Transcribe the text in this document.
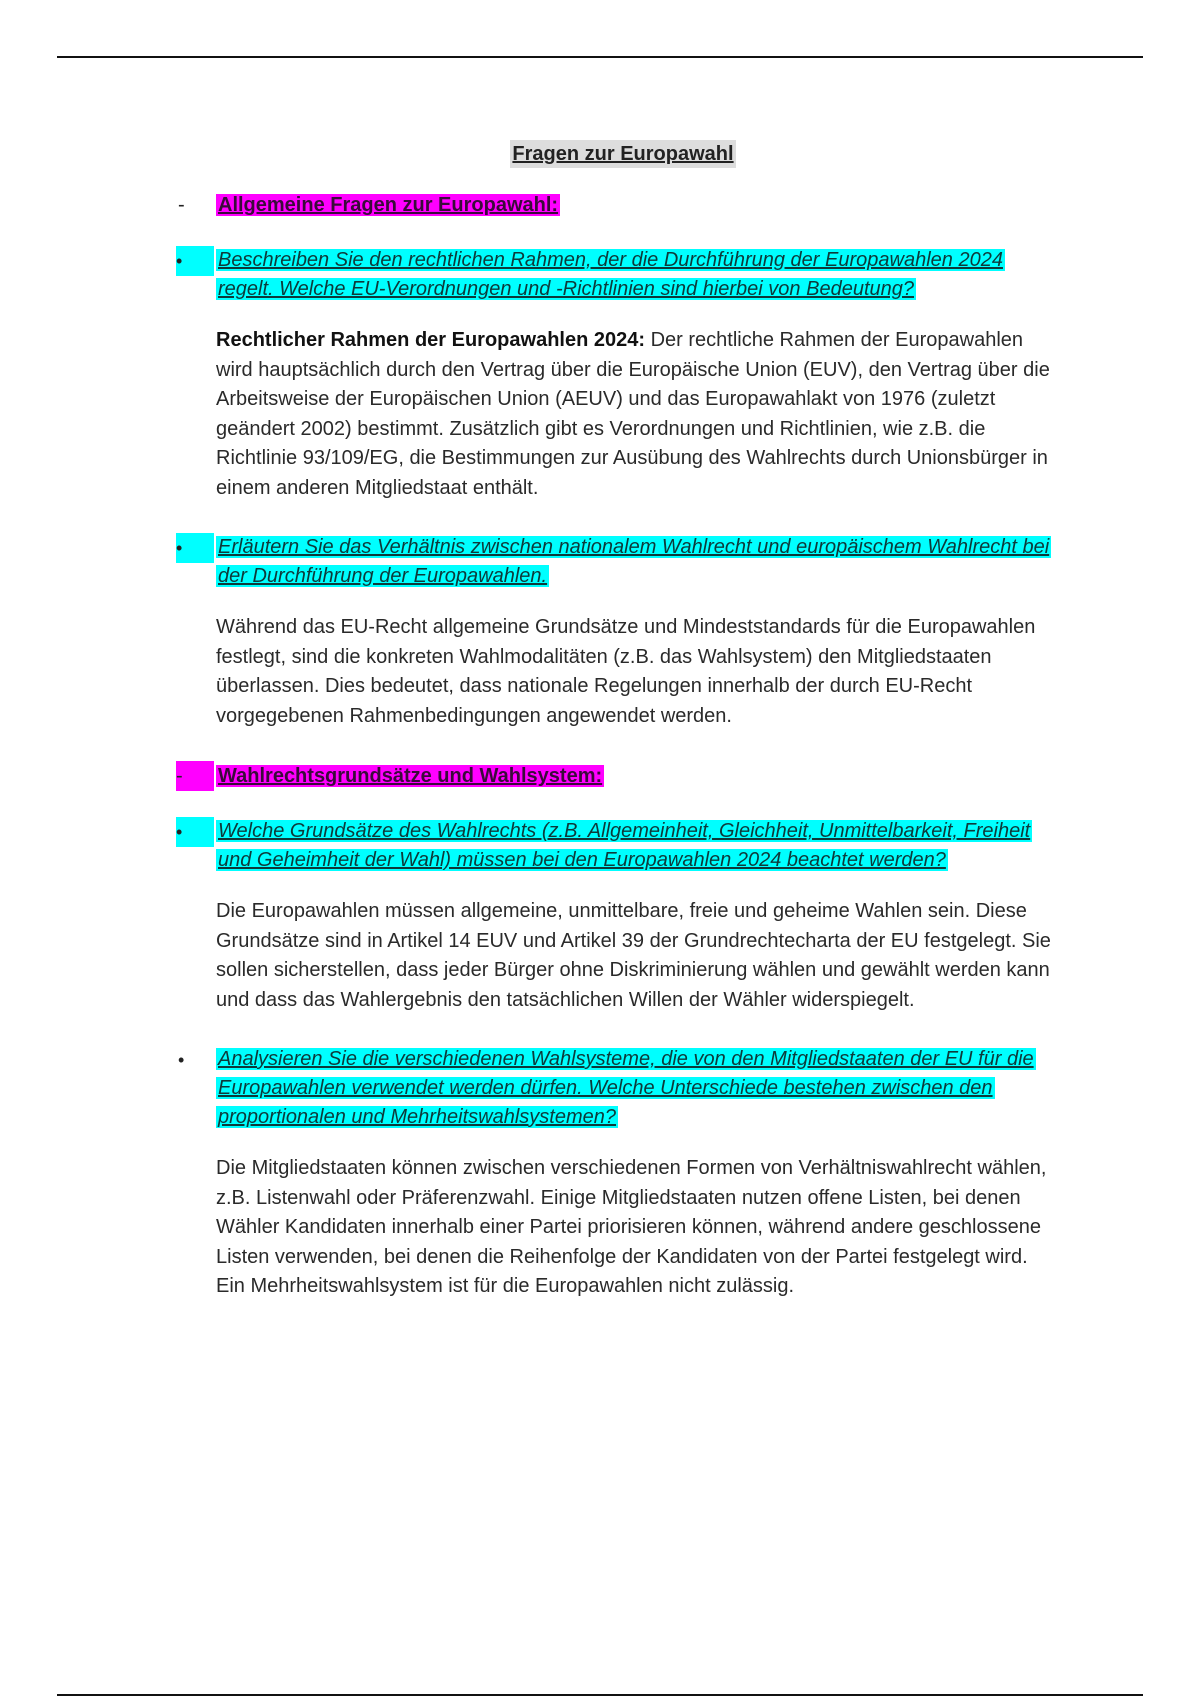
Fragen zur Europawahl
-	Allgemeine Fragen zur Europawahl:
•	Beschreiben Sie den rechtlichen Rahmen, der die Durchführung der Europawahlen 2024 regelt. Welche EU-Verordnungen und -Richtlinien sind hierbei von Bedeutung?
Rechtlicher Rahmen der Europawahlen 2024: Der rechtliche Rahmen der Europawahlen wird hauptsächlich durch den Vertrag über die Europäische Union (EUV), den Vertrag über die Arbeitsweise der Europäischen Union (AEUV) und das Europawahlakt von 1976 (zuletzt geändert 2002) bestimmt. Zusätzlich gibt es Verordnungen und Richtlinien, wie z.B. die Richtlinie 93/109/EG, die Bestimmungen zur Ausübung des Wahlrechts durch Unionsbürger in einem anderen Mitgliedstaat enthält.
•	Erläutern Sie das Verhältnis zwischen nationalem Wahlrecht und europäischem Wahlrecht bei der Durchführung der Europawahlen.
Während das EU-Recht allgemeine Grundsätze und Mindeststandards für die Europawahlen festlegt, sind die konkreten Wahlmodalitäten (z.B. das Wahlsystem) den Mitgliedstaaten überlassen. Dies bedeutet, dass nationale Regelungen innerhalb der durch EU-Recht vorgegebenen Rahmenbedingungen angewendet werden.
-	Wahlrechtsgrundsätze und Wahlsystem:
•	Welche Grundsätze des Wahlrechts (z.B. Allgemeinheit, Gleichheit, Unmittelbarkeit, Freiheit und Geheimheit der Wahl) müssen bei den Europawahlen 2024 beachtet werden?
Die Europawahlen müssen allgemeine, unmittelbare, freie und geheime Wahlen sein. Diese Grundsätze sind in Artikel 14 EUV und Artikel 39 der Grundrechtecharta der EU festgelegt. Sie sollen sicherstellen, dass jeder Bürger ohne Diskriminierung wählen und gewählt werden kann und dass das Wahlergebnis den tatsächlichen Willen der Wähler widerspiegelt.
•	Analysieren Sie die verschiedenen Wahlsysteme, die von den Mitgliedstaaten der EU für die Europawahlen verwendet werden dürfen. Welche Unterschiede bestehen zwischen den proportionalen und Mehrheitswahlsystemen?
Die Mitgliedstaaten können zwischen verschiedenen Formen von Verhältniswahlrecht wählen, z.B. Listenwahl oder Präferenzwahl. Einige Mitgliedstaaten nutzen offene Listen, bei denen Wähler Kandidaten innerhalb einer Partei priorisieren können, während andere geschlossene Listen verwenden, bei denen die Reihenfolge der Kandidaten von der Partei festgelegt wird. Ein Mehrheitswahlsystem ist für die Europawahlen nicht zulässig.
